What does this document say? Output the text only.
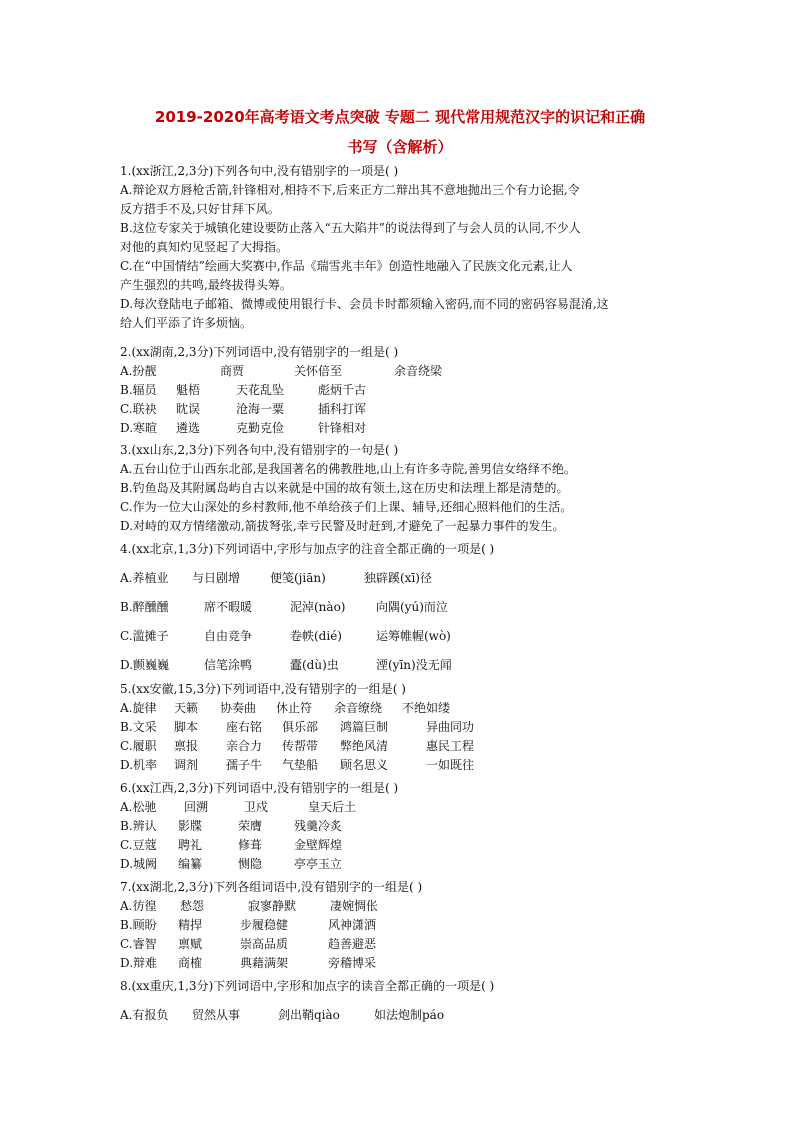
2019-2020年高考语文考点突破 专题二 现代常用规范汉字的识记和正确
书写（含解析）
1.(xx浙江,2,3分)下列各句中,没有错别字的一项是( )
A.辩论双方唇枪舌箭,针锋相对,相持不下,后来正方二辩出其不意地抛出三个有力论据,令
反方措手不及,只好甘拜下风。
B.这位专家关于城镇化建设要防止落入“五大陷井”的说法得到了与会人员的认同,不少人
对他的真知灼见竖起了大拇指。
C.在“中国情结”绘画大奖赛中,作品《瑞雪兆丰年》创造性地融入了民族文化元素,让人
产生强烈的共鸣,最终拔得头筹。
D.每次登陆电子邮箱、微博或使用银行卡、会员卡时都须输入密码,而不同的密码容易混淆,这
给人们平添了许多烦恼。
2.(xx湖南,2,3分)下列词语中,没有错别字的一组是( )
A.扮靓	商贾	关怀倍至	余音绕梁
B.辐员 魁梧	天花乱坠	彪炳千古
C.联袂 眈误	沧海一粟	插科打诨
D.寒暄 遴选	克勤克俭	针锋相对
3.(xx山东,2,3分)下列各句中,没有错别字的一句是( )
A.五台山位于山西东北部,是我国著名的佛教胜地,山上有许多寺院,善男信女络绎不绝。
B.钓鱼岛及其附属岛屿自古以来就是中国的故有领土,这在历史和法理上都是清楚的。
C.作为一位大山深处的乡村教师,他不单给孩子们上课、辅导,还细心照料他们的生活。
D.对峙的双方情绪激动,箭拔弩张,幸亏民警及时赶到,才避免了一起暴力事件的发生。
4.(xx北京,1,3分)下列词语中,字形与加点字的注音全都正确的一项是( )
A.养植业 与日剧增 便笺(jiān)	独辟蹊(xī)径
B.醉醺醺	席不暇暖	泥淖(nào)	向隅(yú)而泣
C.滥摊子	自由竞争	卷帙(dié)	运筹帷幄(wò)
D.颤巍巍	信笔涂鸭	蠹(dù)虫	湮(yīn)没无闻
5.(xx安徽,15,3分)下列词语中,没有错别字的一组是( )
A.旋律 天籁 协奏曲 休止符 余音缭绕 不绝如缕
B.文采 脚本 座右铭 俱乐部 鸿篇巨制	异曲同功
C.履职 禀报 亲合力 传帮带 弊绝风清	惠民工程
D.机率 调剂 孺子牛 气垫船 顾名思义	一如既往
6.(xx江西,2,3分)下列词语中,没有错别字的一组是( )
A.松驰 回溯	卫戍	皇天后土
B.辨认 影牒	荣膺	残羹冷炙
C.豆蔻 聘礼	修葺	金壁辉煌
D.城阙 编纂	恻隐	亭亭玉立
7.(xx湖北,2,3分)下列各组词语中,没有错别字的一组是( )
A.彷徨 愁怨	寂寥静默	凄婉惆伥
B.顾盼 精捍	步履稳健	风神潇洒
C.睿智 禀赋	崇高品质	趋善避恶
D.辩难 商榷	典藉满架	旁稽博采
8.(xx重庆,1,3分)下列词语中,字形和加点字的读音全都正确的一项是( )
A.有报负 贸然从事	剑出鞘qiào	如法炮制páo
